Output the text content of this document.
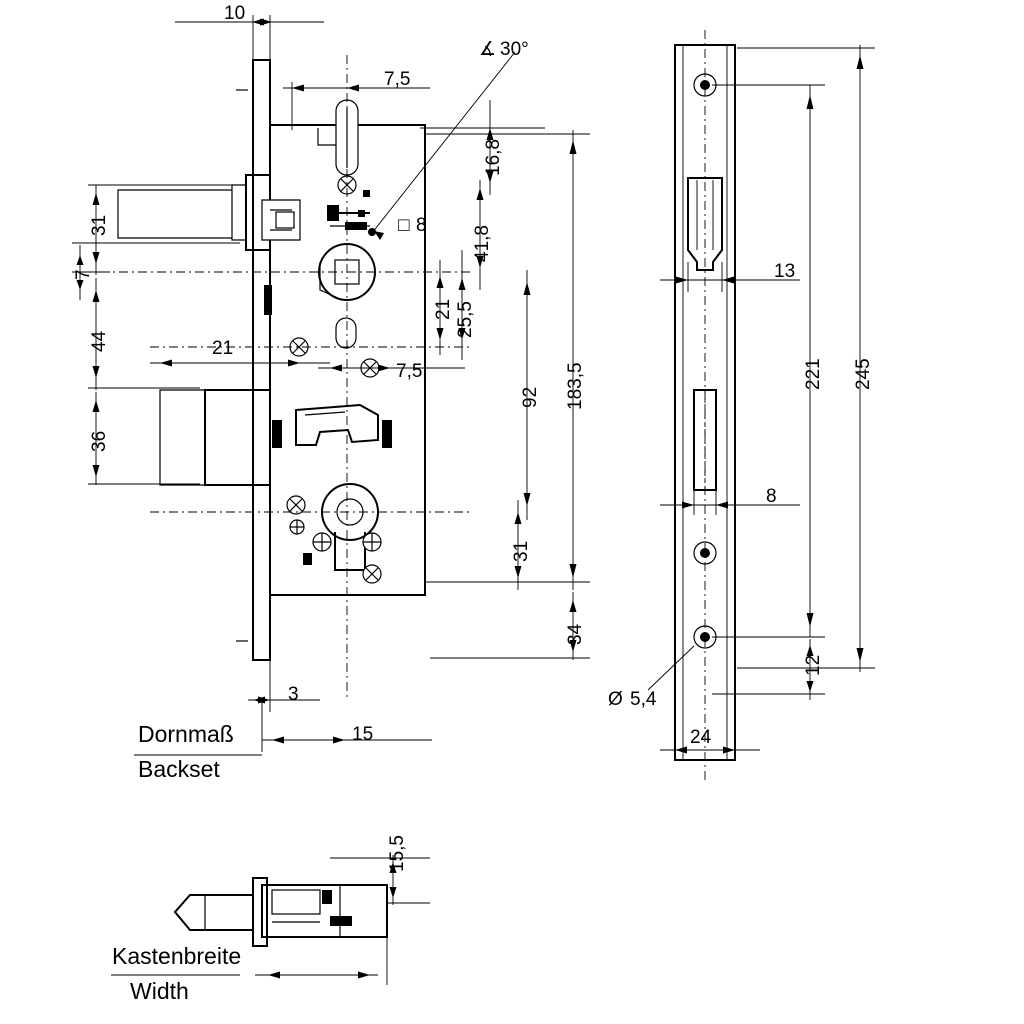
10
7,5
∡ 30°
16,8
41,8
□ 8
25,5
21
183,5
92
31
7
44
36
21
7,5
31
34
3
15
Dornmaß
Backset
13
8
221 245
12
Ø 5,4
24
15,5
Kastenbreite
Width
